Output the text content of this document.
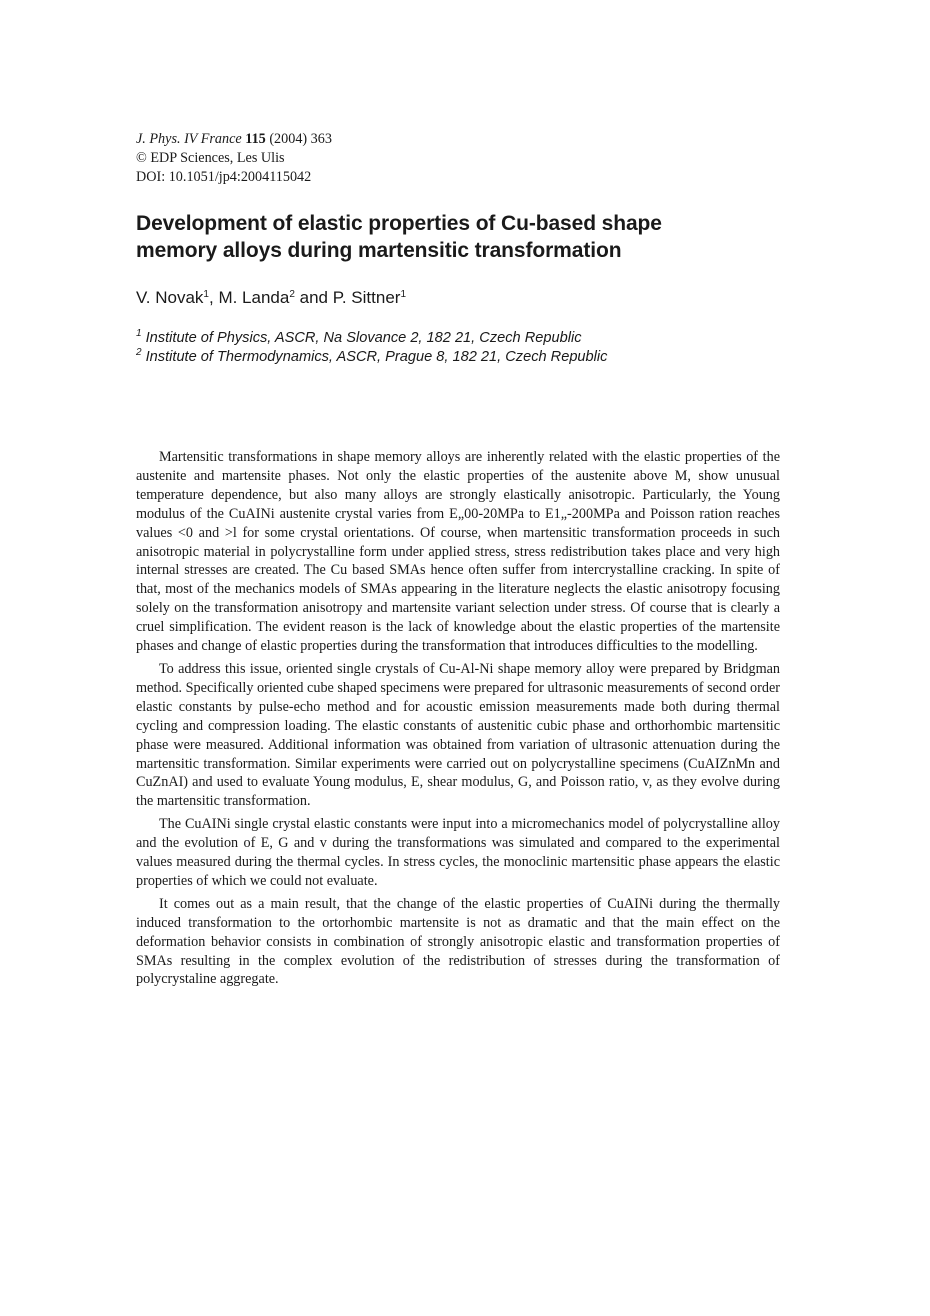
J. Phys. IV France 115 (2004) 363
© EDP Sciences, Les Ulis
DOI: 10.1051/jp4:2004115042
Development of elastic properties of Cu-based shape
memory alloys during martensitic transformation
V. Novak$^1$, M. Landa$^2$ and P. Sittner$^1$
$^1$ Institute of Physics, ASCR, Na Slovance 2, 182 21, Czech Republic
$^2$ Institute of Thermodynamics, ASCR, Prague 8, 182 21, Czech Republic

Martensitic transformations in shape memory alloys are inherently related with the elastic properties of the austenite and martensite phases. Not only the elastic properties of the austenite above M, show unusual temperature dependence, but also many alloys are strongly elastically anisotropic. Particularly, the Young modulus of the CuAINi austenite crystal varies from E„00-20MPa to E1„-200MPa and Poisson ration reaches values <0 and >l for some crystal orientations. Of course, when martensitic transformation proceeds in such anisotropic material in polycrystalline form under applied stress, stress redistribution takes place and very high internal stresses are created. The Cu based SMAs hence often suffer from intercrystalline cracking. In spite of that, most of the mechanics models of SMAs appearing in the literature neglects the elastic anisotropy focusing solely on the transformation anisotropy and martensite variant selection under stress. Of course that is clearly a cruel simplification. The evident reason is the lack of knowledge about the elastic properties of the martensite phases and change of elastic properties during the transformation that introduces difficulties to the modelling.

To address this issue, oriented single crystals of Cu-Al-Ni shape memory alloy were prepared by Bridgman method. Specifically oriented cube shaped specimens were prepared for ultrasonic measurements of second order elastic constants by pulse-echo method and for acoustic emission measurements made both during thermal cycling and compression loading. The elastic constants of austenitic cubic phase and orthorhombic martensitic phase were measured. Additional information was obtained from variation of ultrasonic attenuation during the martensitic transformation. Similar experiments were carried out on polycrystalline specimens (CuAIZnMn and CuZnAI) and used to evaluate Young modulus, E, shear modulus, G, and Poisson ratio, v, as they evolve during the martensitic transformation.

The CuAINi single crystal elastic constants were input into a micromechanics model of polycrystalline alloy and the evolution of E, G and v during the transformations was simulated and compared to the experimental values measured during the thermal cycles. In stress cycles, the monoclinic martensitic phase appears the elastic properties of which we could not evaluate.

It comes out as a main result, that the change of the elastic properties of CuAINi during the thermally induced transformation to the ortorhombic martensite is not as dramatic and that the main effect on the deformation behavior consists in combination of strongly anisotropic elastic and transformation properties of SMAs resulting in the complex evolution of the redistribution of stresses during the transformation of polycrystaline aggregate.
